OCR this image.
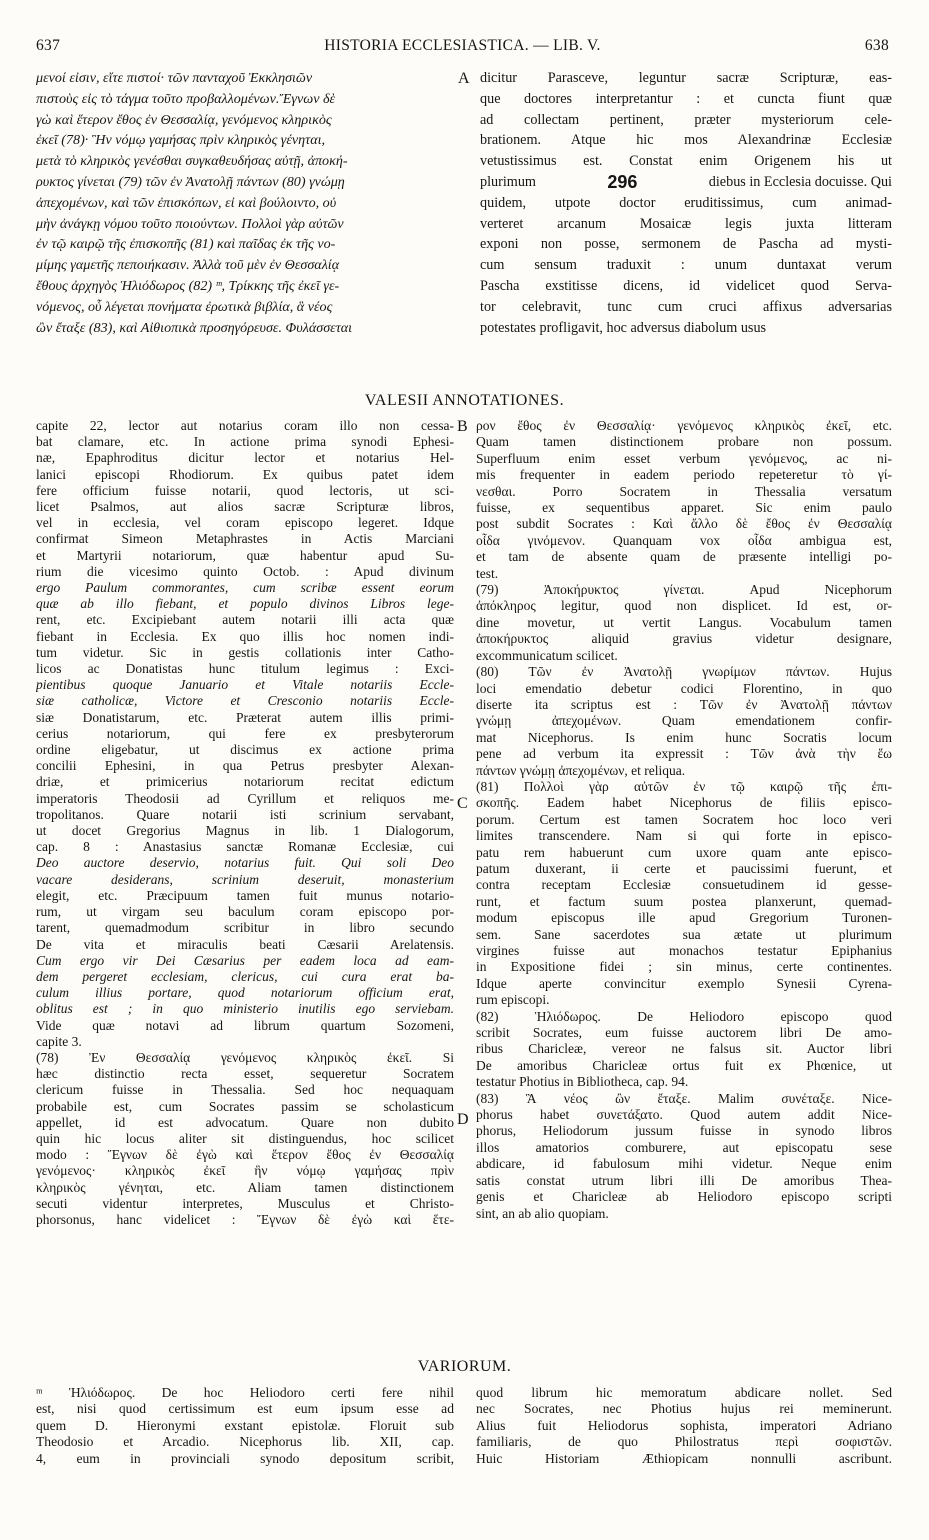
637	HISTORIA ECCLESIASTICA. — LIB. V.	638
μενοί εἰσιν, εἴτε πιστοί· τῶν πανταχοῦ Ἐκκλησιῶν
πιστοὺς εἰς τὸ τάγμα τοῦτο προβαλλομένων.Ἔγνων δὲ
γὼ καὶ ἕτερον ἔθος ἐν Θεσσαλίᾳ, γενόμενος κληρικὸς
ἐκεῖ (78)· Ἣν νόμῳ γαμήσας πρὶν κληρικὸς γένηται,
μετὰ τὸ κληρικὸς γενέσθαι συγκαθευδήσας αὐτῇ, ἀποκή-
ρυκτος γίνεται (79) τῶν ἐν Ἀνατολῇ πάντων (80) γνώμῃ
ἀπεχομένων, καὶ τῶν ἐπισκόπων, εἰ καὶ βούλοιντο, οὐ
μὴν ἀνάγκῃ νόμου τοῦτο ποιούντων. Πολλοὶ γὰρ αὐτῶν
ἐν τῷ καιρῷ τῆς ἐπισκοπῆς (81) καὶ παῖδας ἐκ τῆς νο-
μίμης γαμετῆς πεποιήκασιν. Ἀλλὰ τοῦ μὲν ἐν Θεσσαλίᾳ
ἔθους ἀρχηγὸς Ἡλιόδωρος (82) ᵐ, Τρίκκης τῆς ἐκεῖ γε-
νόμενος, οὗ λέγεται πονήματα ἐρωτικὰ βιβλία, ἃ νέος
ὢν ἔταξε (83), καὶ Αἰθιοπικὰ προσηγόρευσε. Φυλάσσεται
A dicitur Parasceve, leguntur sacræ Scripturæ, eas-
que doctores interpretantur : et cuncta fiunt quæ
ad collectam pertinent, præter mysteriorum cele-
brationem. Atque hic mos Alexandrinæ Ecclesiæ
vetustissimus est. Constat enim Origenem his ut
plurimum	296	diebus in Ecclesia docuisse. Qui
quidem, utpote doctor eruditissimus, cum animad-
verteret arcanum Mosaicæ legis juxta litteram
exponi non posse, sermonem de Pascha ad mysti-
cum sensum traduxit : unum duntaxat verum
Pascha exstitisse dicens, id videlicet quod Serva-
tor celebravit, tunc cum cruci affixus adversarias
potestates profligavit, hoc adversus diabolum usus
VALESII ANNOTATIONES.
capite 22, lector aut notarius coram illo non cessa-
bat clamare, etc. In actione prima synodi Ephesi-
næ, Epaphroditus dicitur lector et notarius Hel-
lanici episcopi Rhodiorum. Ex quibus patet idem
fere officium fuisse notarii, quod lectoris, ut sci-
licet Psalmos, aut alios sacræ Scripturæ libros,
vel in ecclesia, vel coram episcopo legeret. Idque
confirmat Simeon Metaphrastes in Actis Marciani
et Martyrii notariorum, quæ habentur apud Su-
rium die vicesimo quinto Octob. : Apud divinum
ergo Paulum commorantes, cum scribæ essent eorum
quæ ab illo fiebant, et populo divinos Libros lege-
rent, etc. Excipiebant autem notarii illi acta quæ
fiebant in Ecclesia. Ex quo illis hoc nomen indi-
tum videtur. Sic in gestis collationis inter Catho-
licos ac Donatistas hunc titulum legimus : Exci-
pientibus quoque Januario et Vitale notariis Eccle-
siæ catholicæ, Victore et Cresconio notariis Eccle-
siæ Donatistarum, etc. Præterat autem illis primi-
cerius notariorum, qui fere ex presbyterorum
ordine eligebatur, ut discimus ex actione prima
concilii Ephesini, in qua Petrus presbyter Alexan-
driæ, et primicerius notariorum recitat edictum
imperatoris Theodosii ad Cyrillum et reliquos me-
tropolitanos. Quare notarii isti scrinium servabant,
ut docet Gregorius Magnus in lib. 1 Dialogorum,
cap. 8 : Anastasius sanctæ Romanæ Ecclesiæ, cui
Deo auctore deservio, notarius fuit. Qui soli Deo
vacare desiderans, scrinium deseruit, monasterium
elegit, etc. Præcipuum tamen fuit munus notario-
rum, ut virgam seu baculum coram episcopo por-
tarent, quemadmodum scribitur in libro secundo
De vita et miraculis beati Cæsarii Arelatensis.
Cum ergo vir Dei Cæsarius per eadem loca ad eam-
dem pergeret ecclesiam, clericus, cui cura erat ba-
culum illius portare, quod notariorum officium erat,
oblitus est ; in quo ministerio inutilis ego serviebam.
Vide quæ notavi ad librum quartum Sozomeni,
capite 3.
(78) Ἐν Θεσσαλίᾳ γενόμενος κληρικὸς ἐκεῖ. Si
hæc distinctio recta esset, sequeretur Socratem
clericum fuisse in Thessalia. Sed hoc nequaquam
probabile est, cum Socrates passim se scholasticum
appellet, id est advocatum. Quare non dubito
quin hic locus aliter sit distinguendus, hoc scilicet
modo : Ἔγνων δὲ ἐγὼ καὶ ἕτερον ἔθος ἐν Θεσσαλίᾳ
γενόμενος· κληρικὸς ἐκεῖ ἣν νόμῳ γαμήσας πρὶν
κληρικὸς γένηται, etc. Aliam tamen distinctionem
secuti videntur interpretes, Musculus et Christo-
phorsonus, hanc videlicet : Ἔγνων δὲ ἐγὼ καὶ ἕτε-
B
C
D
ρον ἔθος ἐν Θεσσαλίᾳ· γενόμενος κληρικὸς ἐκεῖ, etc.
Quam tamen distinctionem probare non possum.
Superfluum enim esset verbum γενόμενος, ac ni-
mis frequenter in eadem periodo repeteretur τὸ γί-
νεσθαι. Porro Socratem in Thessalia versatum
fuisse, ex sequentibus apparet. Sic enim paulo
post subdit Socrates : Καὶ ἄλλο δὲ ἔθος ἐν Θεσσαλίᾳ
οἶδα γινόμενον. Quanquam vox οἶδα ambigua est,
et tam de absente quam de præsente intelligi po-
test.
(79) Ἀποκήρυκτος γίνεται. Apud Nicephorum
ἀπόκληρος legitur, quod non displicet. Id est, or-
dine movetur, ut vertit Langus. Vocabulum tamen
ἀποκήρυκτος aliquid gravius videtur designare,
excommunicatum scilicet.
(80) Τῶν ἐν Ἀνατολῇ γνωρίμων πάντων. Hujus
loci emendatio debetur codici Florentino, in quo
diserte ita scriptus est : Τῶν ἐν Ἀνατολῇ πάντων
γνώμῃ ἀπεχομένων. Quam emendationem confir-
mat Nicephorus. Is enim hunc Socratis locum
pene ad verbum ita expressit : Τῶν ἀνὰ τὴν ἕω
πάντων γνώμῃ ἀπεχομένων, et reliqua.
(81) Πολλοὶ γὰρ αὐτῶν ἐν τῷ καιρῷ τῆς ἐπι-
σκοπῆς. Eadem habet Nicephorus de filiis episco-
porum. Certum est tamen Socratem hoc loco veri
limites transcendere. Nam si qui forte in episco-
patu rem habuerunt cum uxore quam ante episco-
patum duxerant, ii certe et paucissimi fuerunt, et
contra receptam Ecclesiæ consuetudinem id gesse-
runt, et factum suum postea planxerunt, quemad-
modum episcopus ille apud Gregorium Turonen-
sem. Sane sacerdotes sua ætate ut plurimum
virgines fuisse aut monachos testatur Epiphanius
in Expositione fidei ; sin minus, certe continentes.
Idque aperte convincitur exemplo Synesii Cyrena-
rum episcopi.
(82) Ἡλιόδωρος. De Heliodoro episcopo quod
scribit Socrates, eum fuisse auctorem libri De amo-
ribus Charicleæ, vereor ne falsus sit. Auctor libri
De amoribus Charicleæ ortus fuit ex Phœnice, ut
testatur Photius in Bibliotheca, cap. 94.
(83) Ἃ νέος ὢν ἔταξε. Malim συνέταξε. Nice-
phorus habet συνετάξατο. Quod autem addit Nice-
phorus, Heliodorum jussum fuisse in synodo libros
illos amatorios comburere, aut episcopatu sese
abdicare, id fabulosum mihi videtur. Neque enim
satis constat utrum libri illi De amoribus Thea-
genis et Charicleæ ab Heliodoro episcopo scripti
sint, an ab alio quopiam.
VARIORUM.
ᵐ Ἡλιόδωρος. De hoc Heliodoro certi fere nihil
est, nisi quod certissimum est eum ipsum esse ad
quem D. Hieronymi exstant epistolæ. Floruit sub
Theodosio et Arcadio. Nicephorus lib. XII, cap.
4, eum in provinciali synodo depositum scribit,
quod librum hic memoratum abdicare nollet. Sed
nec Socrates, nec Photius hujus rei meminerunt.
Alius fuit Heliodorus sophista, imperatori Adriano
familiaris, de quo Philostratus περὶ σοφιστῶν.
Huic Historiam Æthiopicam nonnulli ascribunt.
